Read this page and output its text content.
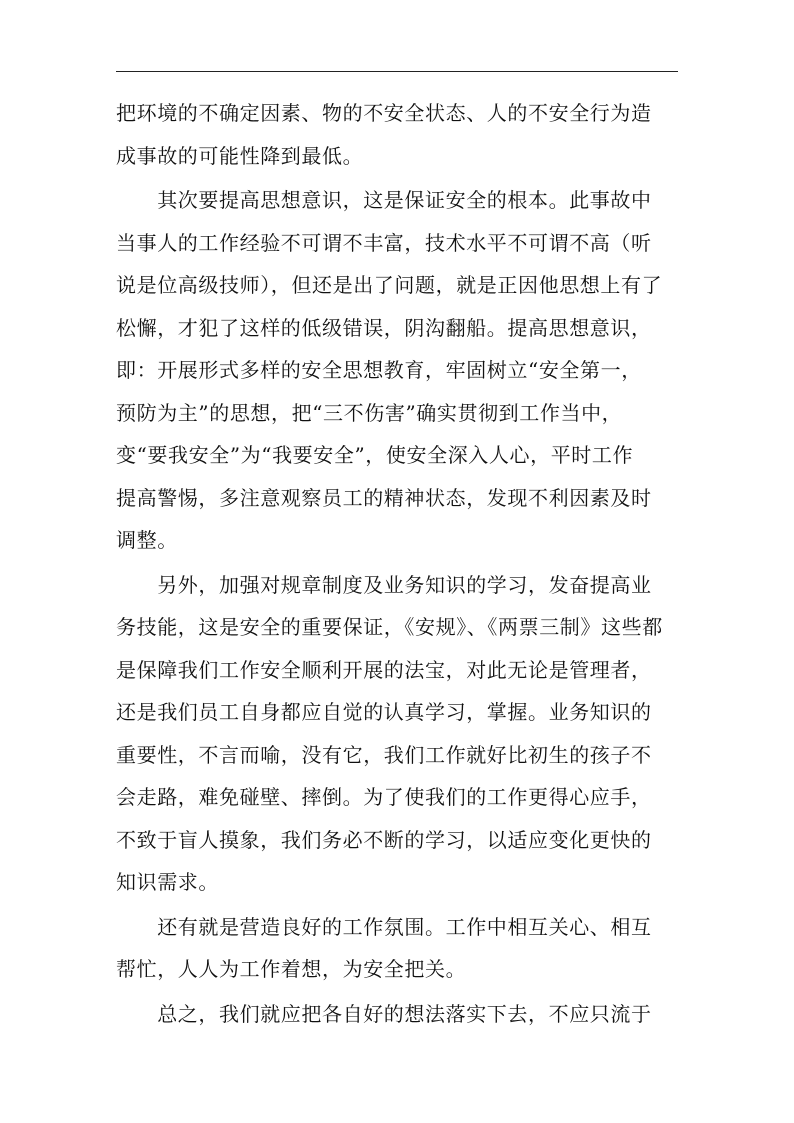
把环境的不确定因素、物的不安全状态、人的不安全行为造
成事故的可能性降到最低。
　　其次要提高思想意识，这是保证安全的根本。此事故中
当事人的工作经验不可谓不丰富，技术水平不可谓不高（听
说是位高级技师），但还是出了问题，就是正因他思想上有了
松懈，才犯了这样的低级错误，阴沟翻船。提高思想意识，
即：开展形式多样的安全思想教育，牢固树立“安全第一，
预防为主”的思想，把“三不伤害”确实贯彻到工作当中，
变“要我安全”为“我要安全”，使安全深入人心，平时工作
提高警惕，多注意观察员工的精神状态，发现不利因素及时
调整。
　　另外，加强对规章制度及业务知识的学习，发奋提高业
务技能，这是安全的重要保证，《安规》、《两票三制》这些都
是保障我们工作安全顺利开展的法宝，对此无论是管理者，
还是我们员工自身都应自觉的认真学习，掌握。业务知识的
重要性，不言而喻，没有它，我们工作就好比初生的孩子不
会走路，难免碰壁、摔倒。为了使我们的工作更得心应手，
不致于盲人摸象，我们务必不断的学习，以适应变化更快的
知识需求。
　　还有就是营造良好的工作氛围。工作中相互关心、相互
帮忙，人人为工作着想，为安全把关。
　　总之，我们就应把各自好的想法落实下去，不应只流于
